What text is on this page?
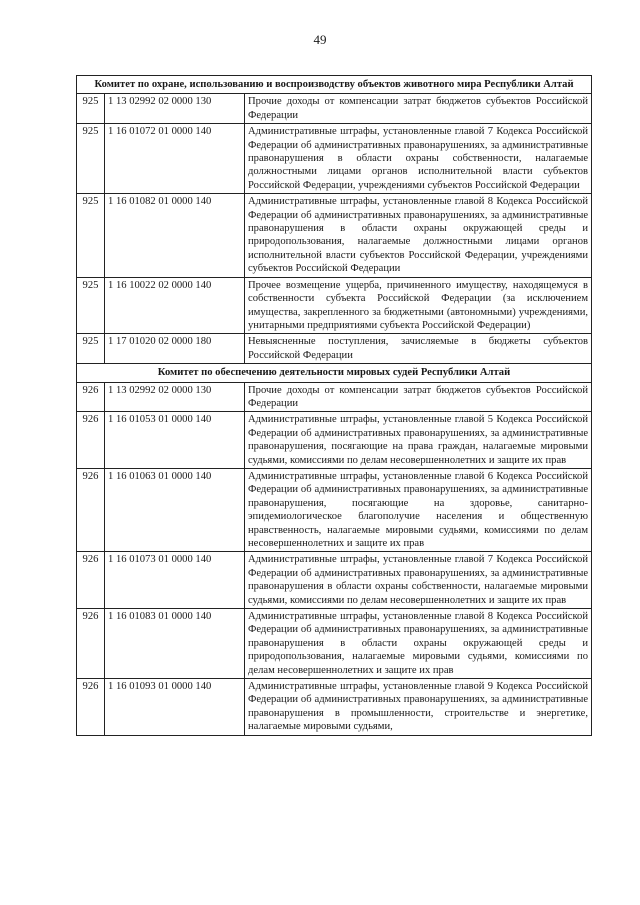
49
Комитет по охране, использованию и воспроизводству объектов животного мира Республики Алтай		
925	1 13 02992 02 0000 130	Прочие доходы от компенсации затрат бюджетов субъектов Российской Федерации
925	1 16 01072 01 0000 140	Административные штрафы, установленные главой 7 Кодекса Российской Федерации об административных правонарушениях, за административные правонарушения в области охраны собственности, налагаемые должностными лицами органов исполнительной власти субъектов Российской Федерации, учреждениями субъектов Российской Федерации
925	1 16 01082 01 0000 140	Административные штрафы, установленные главой 8 Кодекса Российской Федерации об административных правонарушениях, за административные правонарушения в области охраны окружающей среды и природопользования, налагаемые должностными лицами органов исполнительной власти субъектов Российской Федерации, учреждениями субъектов Российской Федерации
925	1 16 10022 02 0000 140	Прочее возмещение ущерба, причиненного имуществу, находящемуся в собственности субъекта Российской Федерации (за исключением имущества, закрепленного за бюджетными (автономными) учреждениями, унитарными предприятиями субъекта Российской Федерации)
925	1 17 01020 02 0000 180	Невыясненные поступления, зачисляемые в бюджеты субъектов Российской Федерации
Комитет по обеспечению деятельности мировых судей Республики Алтай		
926	1 13 02992 02 0000 130	Прочие доходы от компенсации затрат бюджетов субъектов Российской Федерации
926	1 16 01053 01 0000 140	Административные штрафы, установленные главой 5 Кодекса Российской Федерации об административных правонарушениях, за административные правонарушения, посягающие на права граждан, налагаемые мировыми судьями, комиссиями по делам несовершеннолетних и защите их прав
926	1 16 01063 01 0000 140	Административные штрафы, установленные главой 6 Кодекса Российской Федерации об административных правонарушениях, за административные правонарушения, посягающие на здоровье, санитарно-эпидемиологическое благополучие населения и общественную нравственность, налагаемые мировыми судьями, комиссиями по делам несовершеннолетних и защите их прав
926	1 16 01073 01 0000 140	Административные штрафы, установленные главой 7 Кодекса Российской Федерации об административных правонарушениях, за административные правонарушения в области охраны собственности, налагаемые мировыми судьями, комиссиями по делам несовершеннолетних и защите их прав
926	1 16 01083 01 0000 140	Административные штрафы, установленные главой 8 Кодекса Российской Федерации об административных правонарушениях, за административные правонарушения в области охраны окружающей среды и природопользования, налагаемые мировыми судьями, комиссиями по делам несовершеннолетних и защите их прав
926	1 16 01093 01 0000 140	Административные штрафы, установленные главой 9 Кодекса Российской Федерации об административных правонарушениях, за административные правонарушения в промышленности, строительстве и энергетике, налагаемые мировыми судьями,
